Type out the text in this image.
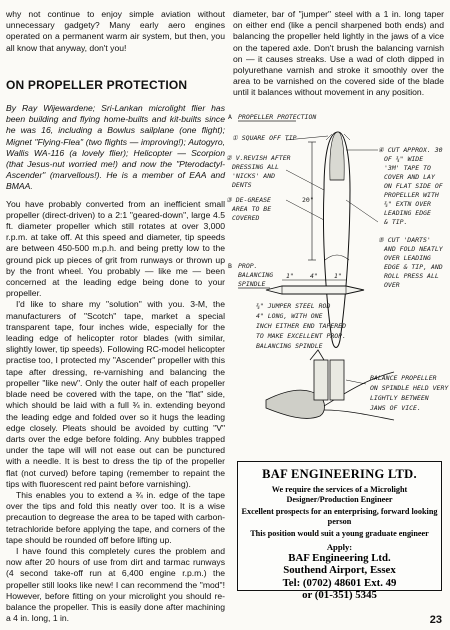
why not continue to enjoy simple aviation without unnecessary gadgety? Many early aero engines operated on a permanent warm air system, but then, you all know that anyway, don't you!

ON PROPELLER PROTECTION

By Ray Wijewardene; Sri-Lankan microlight flier has been building and flying home-builts and kit-builts since he was 16, including a Bowlus sailplane (one flight); Mignet "Flying-Flea" (two flights — improving!); Autogyro, Wallis WA-116 (a lovely flier); Helicopter — Scorpion (that Jesus-nut worried me!) and now the "Pterodactyl-Ascender" (marvellous!). He is a member of EAA and BMAA.

You have probably converted from an inefficient small propeller (direct-driven) to a 2:1 "geared-down", large 4.5 ft. diameter propeller which still rotates at over 3,000 r.p.m. at take off. At this speed and diameter, tip speeds are between 450-500 m.p.h. and being pretty low to the ground pick up pieces of grit from runways or thrown up by the front wheel. You probably — like me — been concerned at the leading edge being done to your propeller.

I'd like to share my "solution" with you. 3-M, the manufacturers of "Scotch" tape, market a special transparent tape, four inches wide, especially for the leading edge of helicopter rotor blades (with similar, slightly lower, tip speeds). Following RC-model helicopter practise too, I protected my "Ascender" propeller with this tape after dressing, re-varnishing and balancing the propeller "like new". Only the outer half of each propeller blade need be covered with the tape, on the "flat" side, which should be laid with a full ¾ in. extending beyond the leading edge and folded over so it hugs the leading edge closely. Pleats should be avoided by cutting "V" darts over the edge before folding. Any bubbles trapped under the tape will will not ease out can be punctured with a needle. It is best to dress the tip of the propeller flat (not curved) before taping (remember to repaint the tips with fluorescent red paint before varnishing).

This enables you to extend a ¾ in. edge of the tape over the tips and fold this neatly over too. It is a wise precaution to degrease the area to be taped with carbon-tetrachloride before applying the tape, and corners of the tape should be rounded off before lifting up.

I have found this completely cures the problem and now after 20 hours of use from dirt and tarmac runways (4 second take-off run at 6,400 engine r.p.m.) the propeller still looks like new! I can recommend the "mod"! However, before fitting on your microlight you should re-balance the propeller. This is easily done after machining a 4 in. long, 1 in.

diameter, bar of "jumper" steel with a 1 in. long taper on either end (like a pencil sharpened both ends) and balancing the propeller held lightly in the jaws of a vice on the tapered axle. Don't brush the balancing varnish on — it causes streaks. Use a wad of cloth dipped in polyurethane varnish and stroke it smoothly over the area to be varnished on the covered side of the blade until it balances without movement in any position.

A PROPELLER PROTECTION
① SQUARE OFF TIP
20"
② V.REVISH AFTER
DRESSING ALL
'NICKS' AND
DENTS
③ DE-GREASE
AREA TO BE
COVERED
④ CUT APPROX. 30
OF ¾" WIDE
'3M' TAPE TO
COVER AND LAY
ON FLAT SIDE OF
PROPELLER WITH
¾" EXTN OVER
LEADING EDGE
& TIP.
⑤ CUT 'DARTS'
AND FOLD NEATLY
OVER LEADING
EDGE & TIP, AND
ROLL PRESS ALL
OVER
B PROP.
BALANCING
SPINDLE
1" 4" 1"
¾" JUMPER STEEL ROD
4" LONG, WITH ONE
INCH EITHER END TAPERED
TO MAKE EXCELLENT PROP.
BALANCING SPINDLE
BALANCE PROPELLER
ON SPINDLE HELD VERY
LIGHTLY BETWEEN
JAWS OF VICE.
BAF ENGINEERING LTD.
We require the services of a Microlight Designer/Production Engineer
Excellent prospects for an enterprising, forward looking person
This position would suit a young graduate engineer
Apply:
BAF Engineering Ltd.
Southend Airport, Essex
Tel: (0702) 48601 Ext. 49
or (01-351) 5345
23
